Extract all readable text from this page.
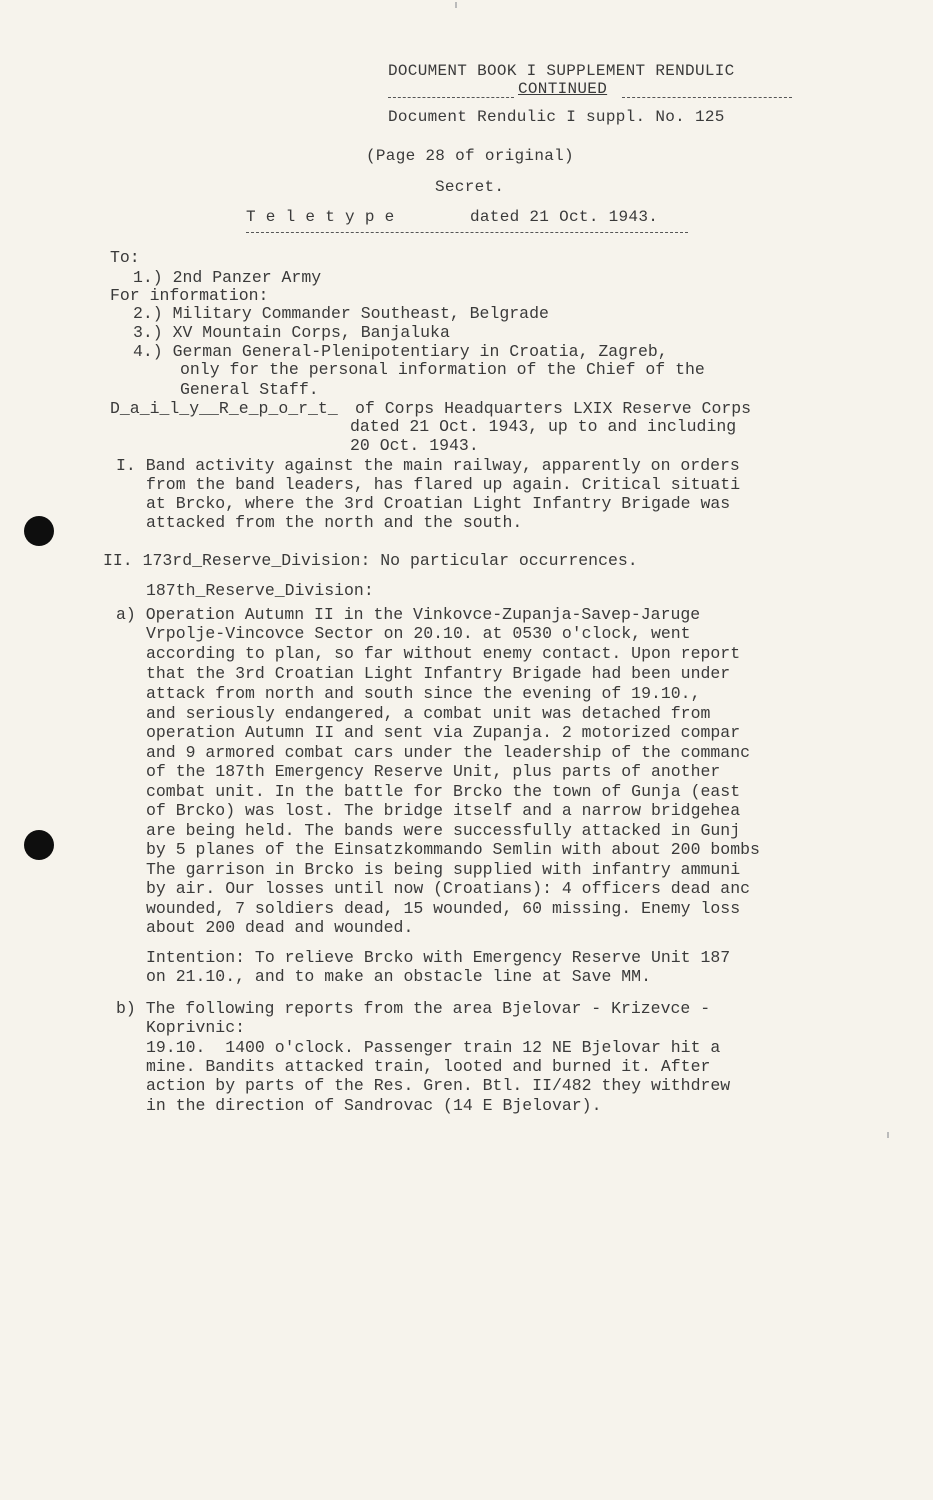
DOCUMENT BOOK I SUPPLEMENT RENDULIC
CONTINUED
Document Rendulic I suppl. No. 125
(Page 28 of original)
Secret.
T e l e t y p e	dated 21 Oct. 1943.
To:
1.) 2nd Panzer Army
For information:
2.) Military Commander Southeast, Belgrade
3.) XV Mountain Corps, Banjaluka
4.) German General-Plenipotentiary in Croatia, Zagreb,
only for the personal information of the Chief of the
General Staff.
D_a_i_l_y__R_e_p_o_r_t_ of Corps Headquarters LXIX Reserve Corps
dated 21 Oct. 1943, up to and including
20 Oct. 1943.
I. Band activity against the main railway, apparently on orders
from the band leaders, has flared up again. Critical situati
at Brcko, where the 3rd Croatian Light Infantry Brigade was
attacked from the north and the south.
II. 173rd_Reserve_Division: No particular occurrences.
187th_Reserve_Division:
a) Operation Autumn II in the Vinkovce-Zupanja-Savep-Jaruge
Vrpolje-Vincovce Sector on 20.10. at 0530 o'clock, went
according to plan, so far without enemy contact. Upon report
that the 3rd Croatian Light Infantry Brigade had been under
attack from north and south since the evening of 19.10.,
and seriously endangered, a combat unit was detached from
operation Autumn II and sent via Zupanja. 2 motorized compar
and 9 armored combat cars under the leadership of the commanc
of the 187th Emergency Reserve Unit, plus parts of another
combat unit. In the battle for Brcko the town of Gunja (east
of Brcko) was lost. The bridge itself and a narrow bridgehea
are being held. The bands were successfully attacked in Gunj
by 5 planes of the Einsatzkommando Semlin with about 200 bombs
The garrison in Brcko is being supplied with infantry ammuni
by air. Our losses until now (Croatians): 4 officers dead anc
wounded, 7 soldiers dead, 15 wounded, 60 missing. Enemy loss
about 200 dead and wounded.
Intention: To relieve Brcko with Emergency Reserve Unit 187
on 21.10., and to make an obstacle line at Save MM.
b) The following reports from the area Bjelovar - Krizevce -
Koprivnic:
19.10.  1400 o'clock. Passenger train 12 NE Bjelovar hit a
mine. Bandits attacked train, looted and burned it. After
action by parts of the Res. Gren. Btl. II/482 they withdrew
in the direction of Sandrovac (14 E Bjelovar).
